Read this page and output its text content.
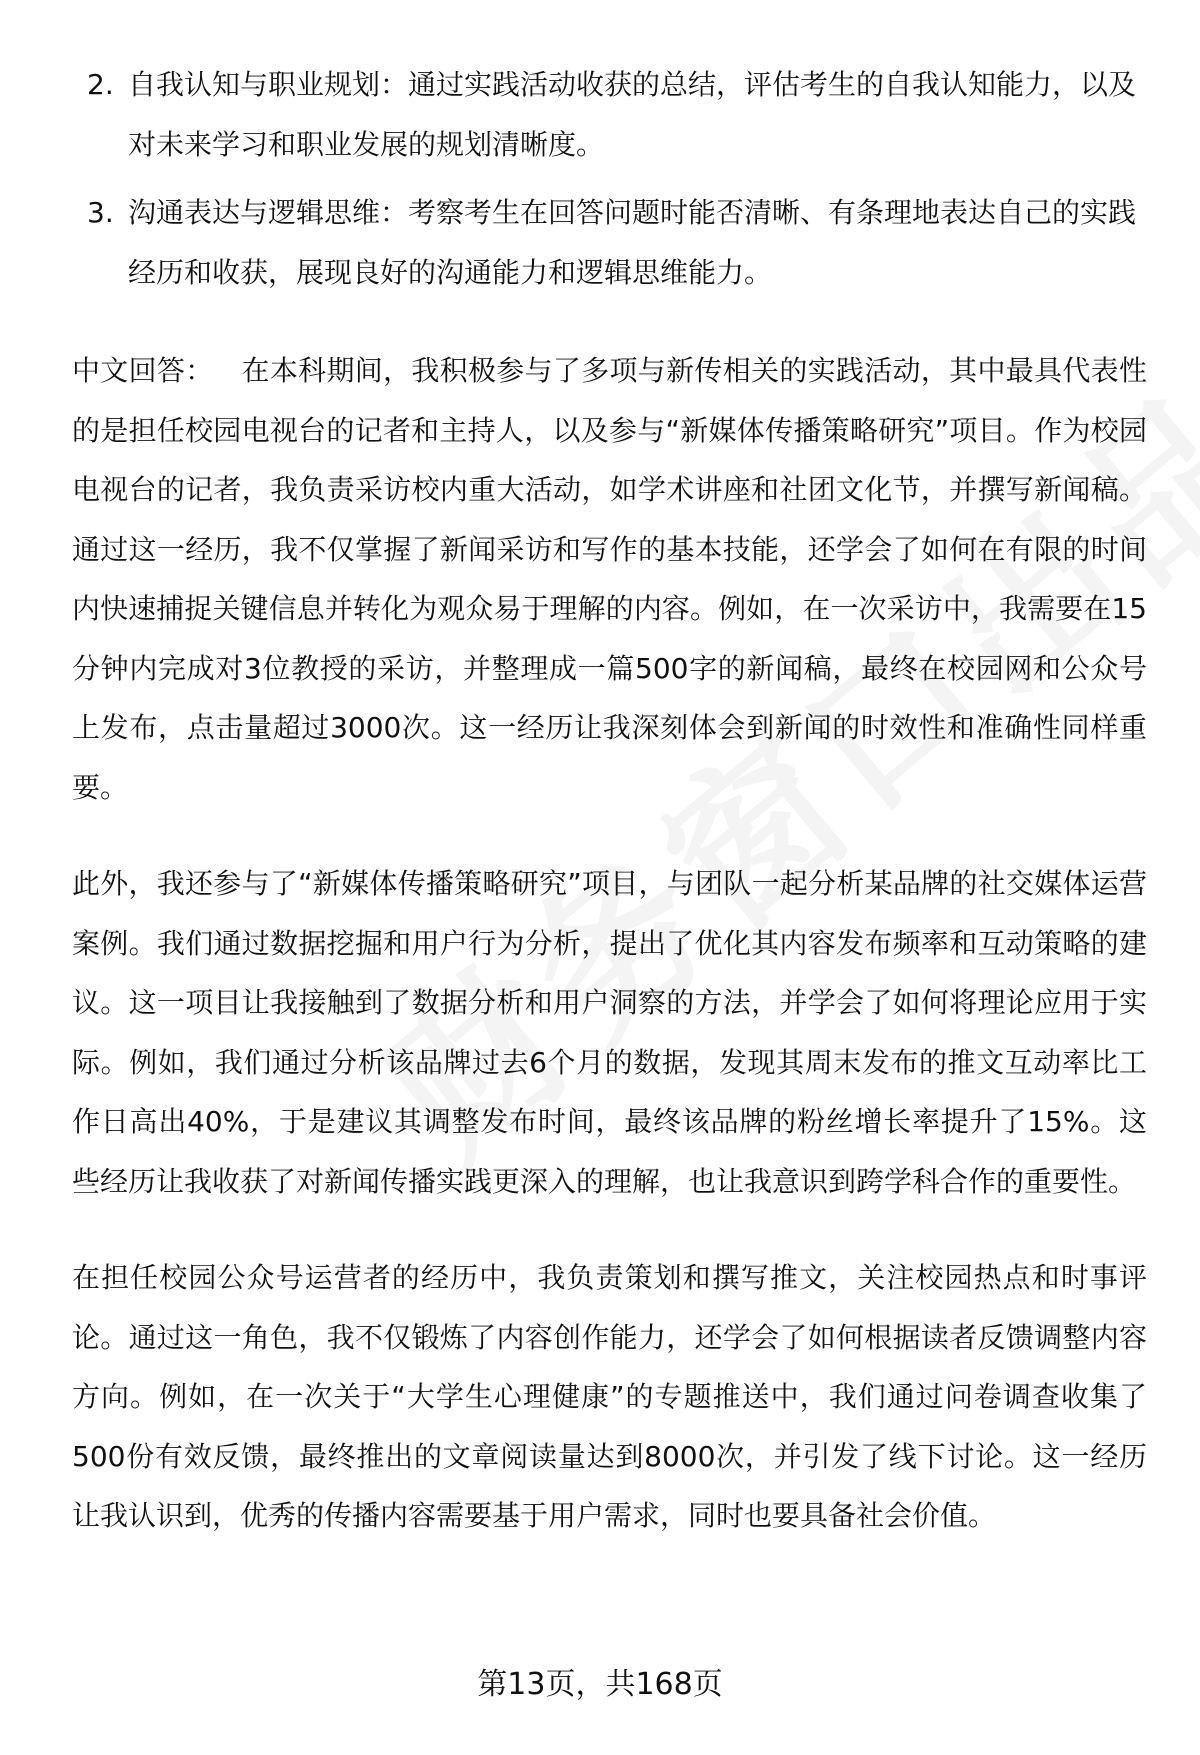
2. 自我认知与职业规划：通过实践活动收获的总结，评估考生的自我认知能力，以及对未来学习和职业发展的规划清晰度。
3. 沟通表达与逻辑思维：考察考生在回答问题时能否清晰、有条理地表达自己的实践经历和收获，展现良好的沟通能力和逻辑思维能力。

中文回答： 在本科期间，我积极参与了多项与新传相关的实践活动，其中最具代表性的是担任校园电视台的记者和主持人，以及参与“新媒体传播策略研究”项目。作为校园电视台的记者，我负责采访校内重大活动，如学术讲座和社团文化节，并撰写新闻稿。通过这一经历，我不仅掌握了新闻采访和写作的基本技能，还学会了如何在有限的时间内快速捕捉关键信息并转化为观众易于理解的内容。例如，在一次采访中，我需要在15分钟内完成对3位教授的采访，并整理成一篇500字的新闻稿，最终在校园网和公众号上发布，点击量超过3000次。这一经历让我深刻体会到新闻的时效性和准确性同样重要。

此外，我还参与了“新媒体传播策略研究”项目，与团队一起分析某品牌的社交媒体运营案例。我们通过数据挖掘和用户行为分析，提出了优化其内容发布频率和互动策略的建议。这一项目让我接触到了数据分析和用户洞察的方法，并学会了如何将理论应用于实际。例如，我们通过分析该品牌过去6个月的数据，发现其周末发布的推文互动率比工作日高出40%，于是建议其调整发布时间，最终该品牌的粉丝增长率提升了15%。这些经历让我收获了对新闻传播实践更深入的理解，也让我意识到跨学科合作的重要性。

在担任校园公众号运营者的经历中，我负责策划和撰写推文，关注校园热点和时事评论。通过这一角色，我不仅锻炼了内容创作能力，还学会了如何根据读者反馈调整内容方向。例如，在一次关于“大学生心理健康”的专题推送中，我们通过问卷调查收集了500份有效反馈，最终推出的文章阅读量达到8000次，并引发了线下讨论。这一经历让我认识到，优秀的传播内容需要基于用户需求，同时也要具备社会价值。

第13页，共168页
